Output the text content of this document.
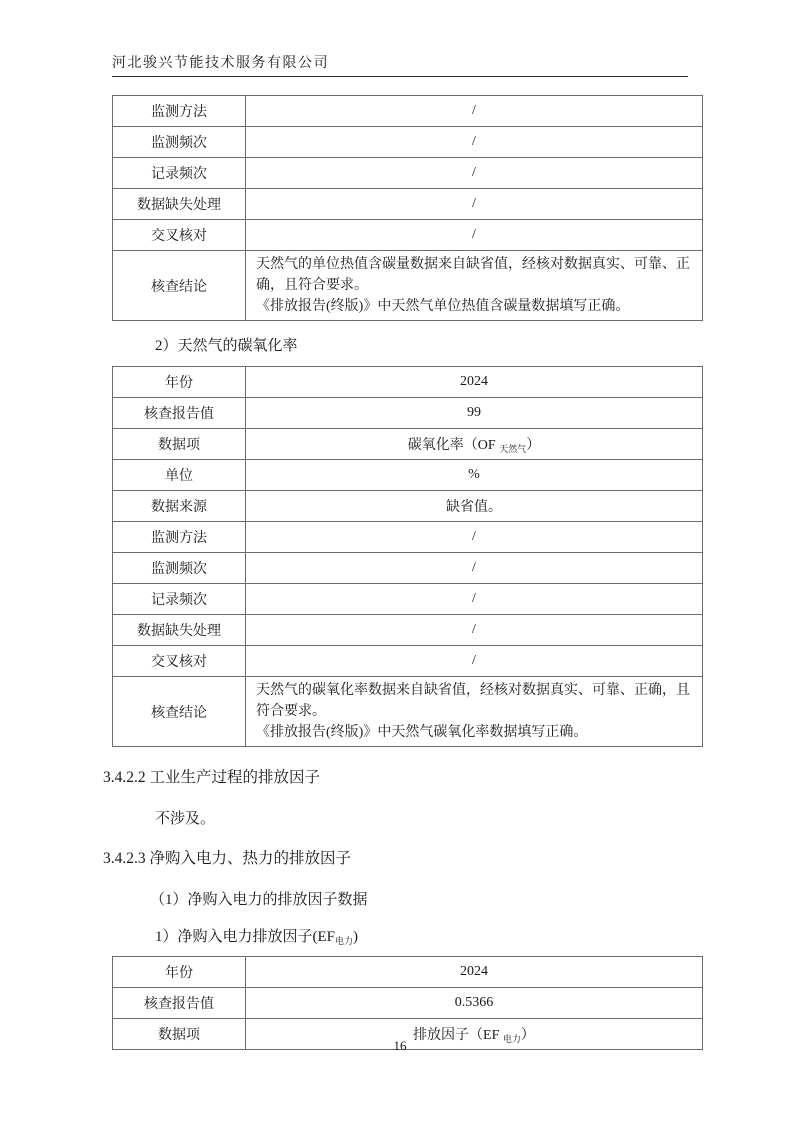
河北骏兴节能技术服务有限公司
监测方法	/
监测频次	/
记录频次	/
数据缺失处理	/
交叉核对	/
核查结论	天然气的单位热值含碳量数据来自缺省值，经核对数据真实、可靠、正确，且符合要求。
《排放报告(终版)》中天然气单位热值含碳量数据填写正确。
2）天然气的碳氧化率
年份	2024
核查报告值	99
数据项	碳氧化率（OF $_{天然气}$）
单位	%
数据来源	缺省值。
监测方法	/
监测频次	/
记录频次	/
数据缺失处理	/
交叉核对	/
核查结论	天然气的碳氧化率数据来自缺省值，经核对数据真实、可靠、正确，且符合要求。
《排放报告(终版)》中天然气碳氧化率数据填写正确。
3.4.2.2 工业生产过程的排放因子
不涉及。
3.4.2.3 净购入电力、热力的排放因子
（1）净购入电力的排放因子数据
1）净购入电力排放因子$(EF_{电力})$
年份	2024
核查报告值	0.5366
数据项	排放因子（EF $_{电力}$）
16
